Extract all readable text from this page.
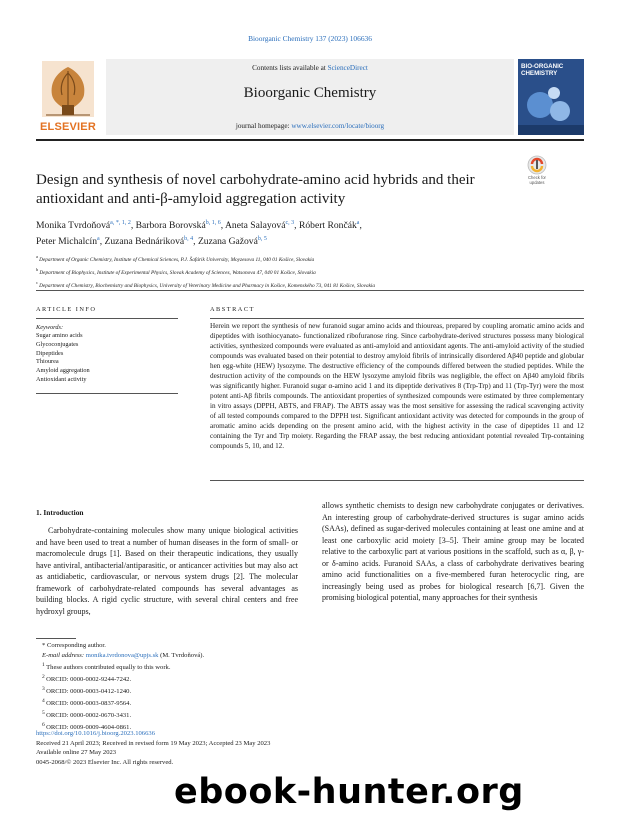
Bioorganic Chemistry 137 (2023) 106636
ELSEVIER
Contents lists available at ScienceDirect
Bioorganic Chemistry
journal homepage: www.elsevier.com/locate/bioorg
BIO-ORGANIC
CHEMISTRY
Design and synthesis of novel carbohydrate-amino acid hybrids and their antioxidant and anti-β-amyloid aggregation activity
Check for
updates
Monika Tvrdoňová$^{a, *, 1, 2}$, Barbora Borovská$^{b, 1, 6}$, Aneta Salayová$^{c, 3}$, Róbert Rončák$^a$,
Peter Michalcín$^a$, Zuzana Bednáriková$^{b, 4}$, Zuzana Gažová$^{b, 5}$
$^a$ Department of Organic Chemistry, Institute of Chemical Sciences, P.J. Šafárik University, Moyzesova 11, 040 01 Košice, Slovakia
$^b$ Department of Biophysics, Institute of Experimental Physics, Slovak Academy of Sciences, Watsonova 47, 040 01 Košice, Slovakia
$^c$ Department of Chemistry, Biochemistry and Biophysics, University of Veterinary Medicine and Pharmacy in Košice, Komenského 73, 041 81 Košice, Slovakia
ARTICLE INFO
Keywords:
Sugar amino acids
Glycoconjugates
Dipeptides
Thiourea
Amyloid aggregation
Antioxidant activity
ABSTRACT
Herein we report the synthesis of new furanoid sugar amino acids and thioureas, prepared by coupling aromatic amino acids and dipeptides with isothiocyanato- functionalized ribofuranose ring. Since carbohydrate-derived structures possess many biological activities, synthesized compounds were evaluated as anti-amyloid and antioxidant agents. The anti-amyloid activity of the studied compounds was evaluated based on their potential to destroy amyloid fibrils of intrinsically disordered Aβ40 peptide and globular hen egg-white (HEW) lysozyme. The destructive efficiency of the compounds differed between the studied peptides. While the destruction activity of the compounds on the HEW lysozyme amyloid fibrils was negligible, the effect on Aβ40 amyloid fibrils was significantly higher. Furanoid sugar α-amino acid 1 and its dipeptide derivatives 8 (Trp-Trp) and 11 (Trp-Tyr) were the most potent anti-Aβ fibrils compounds. The antioxidant properties of synthesized compounds were estimated by three complementary in vitro assays (DPPH, ABTS, and FRAP). The ABTS assay was the most sensitive for assessing the radical scavenging activity of all tested compounds compared to the DPPH test. Significant antioxidant activity was detected for compounds in the group of aromatic amino acids depending on the present amino acid, with the highest activity in the case of dipeptides 11 and 12 containing the Tyr and Trp moiety. Regarding the FRAP assay, the best reducing antioxidant potential revealed Trp-containing compounds 5, 10, and 12.
1. Introduction

Carbohydrate-containing molecules show many unique biological activities and have been used to treat a number of human diseases in the form of small- or macromolecule drugs [1]. Based on their therapeutic indications, they usually have antiviral, antibacterial/antiparasitic, or anticancer activities but may also act as antidiabetic, cardiovascular, or nervous system drugs [2]. The molecular framework of carbohydrate-related compounds has several advantages as building blocks. A rigid cyclic structure, with several chiral centers and free hydroxyl groups,

allows synthetic chemists to design new carbohydrate conjugates or derivatives. An interesting group of carbohydrate-derived structures is sugar amino acids (SAAs), defined as sugar-derived molecules containing at least one amine and at least one carboxylic acid moiety [3–5]. Their amine group may be located relative to the carboxylic part at various positions in the scaffold, such as α, β, γ- or δ-amino acids. Furanoid SAAs, a class of carbohydrate derivatives bearing amino acid functionalities on a five-membered furan heterocyclic ring, are increasingly being used as probes for biological research [6,7]. Given the promising biological potential, many approaches for their synthesis

* Corresponding author.
E-mail address: monika.tvrdonova@upjs.sk (M. Tvrdoňová).
$^1$ These authors contributed equally to this work.
$^2$ ORCID: 0000-0002-9244-7242.
$^3$ ORCID: 0000-0003-0412-1240.
$^4$ ORCID: 0000-0003-0837-9564.
$^5$ ORCID: 0000-0002-0670-3431.
$^6$ ORCID: 0009-0009-4604-0861.
https://doi.org/10.1016/j.bioorg.2023.106636
Received 21 April 2023; Received in revised form 19 May 2023; Accepted 23 May 2023
Available online 27 May 2023
0045-2068/© 2023 Elsevier Inc. All rights reserved.
ebook-hunter.org
